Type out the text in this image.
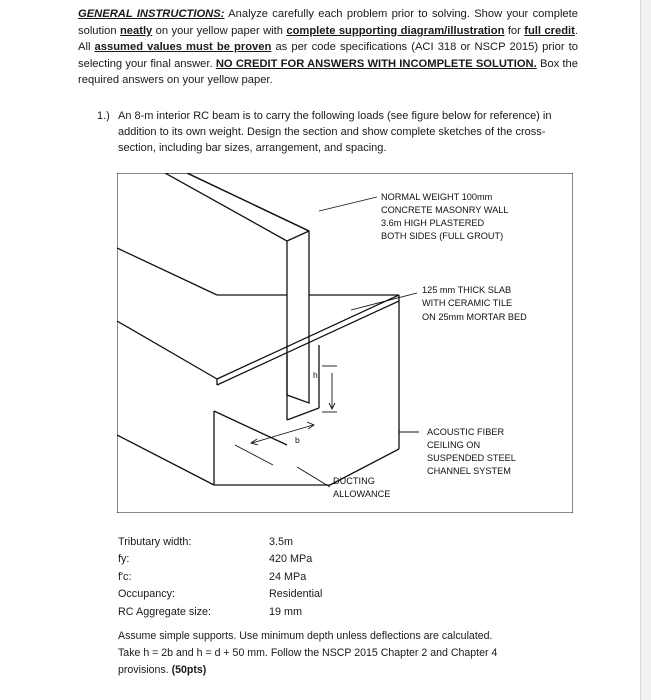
GENERAL INSTRUCTIONS: Analyze carefully each problem prior to solving. Show your complete solution neatly on your yellow paper with complete supporting diagram/illustration for full credit. All assumed values must be proven as per code specifications (ACI 318 or NSCP 2015) prior to selecting your final answer. NO CREDIT FOR ANSWERS WITH INCOMPLETE SOLUTION. Box the required answers on your yellow paper.
1.) An 8-m interior RC beam is to carry the following loads (see figure below for reference) in addition to its own weight. Design the section and show complete sketches of the cross-section, including bar sizes, arrangement, and spacing.
h
b
NORMAL WEIGHT 100mm
CONCRETE MASONRY WALL
3.6m HIGH PLASTERED
BOTH SIDES (FULL GROUT)
125 mm THICK SLAB
WITH CERAMIC TILE
ON 25mm MORTAR BED
ACOUSTIC FIBER
CEILING ON
SUSPENDED STEEL
CHANNEL SYSTEM
DUCTING
ALLOWANCE
Tributary width:	3.5m
fy:	420 MPa
f'c:	24 MPa
Occupancy:	Residential
RC Aggregate size:	19 mm
Assume simple supports. Use minimum depth unless deflections are calculated.
Take h = 2b and h = d + 50 mm. Follow the NSCP 2015 Chapter 2 and Chapter 4
provisions. (50pts)
